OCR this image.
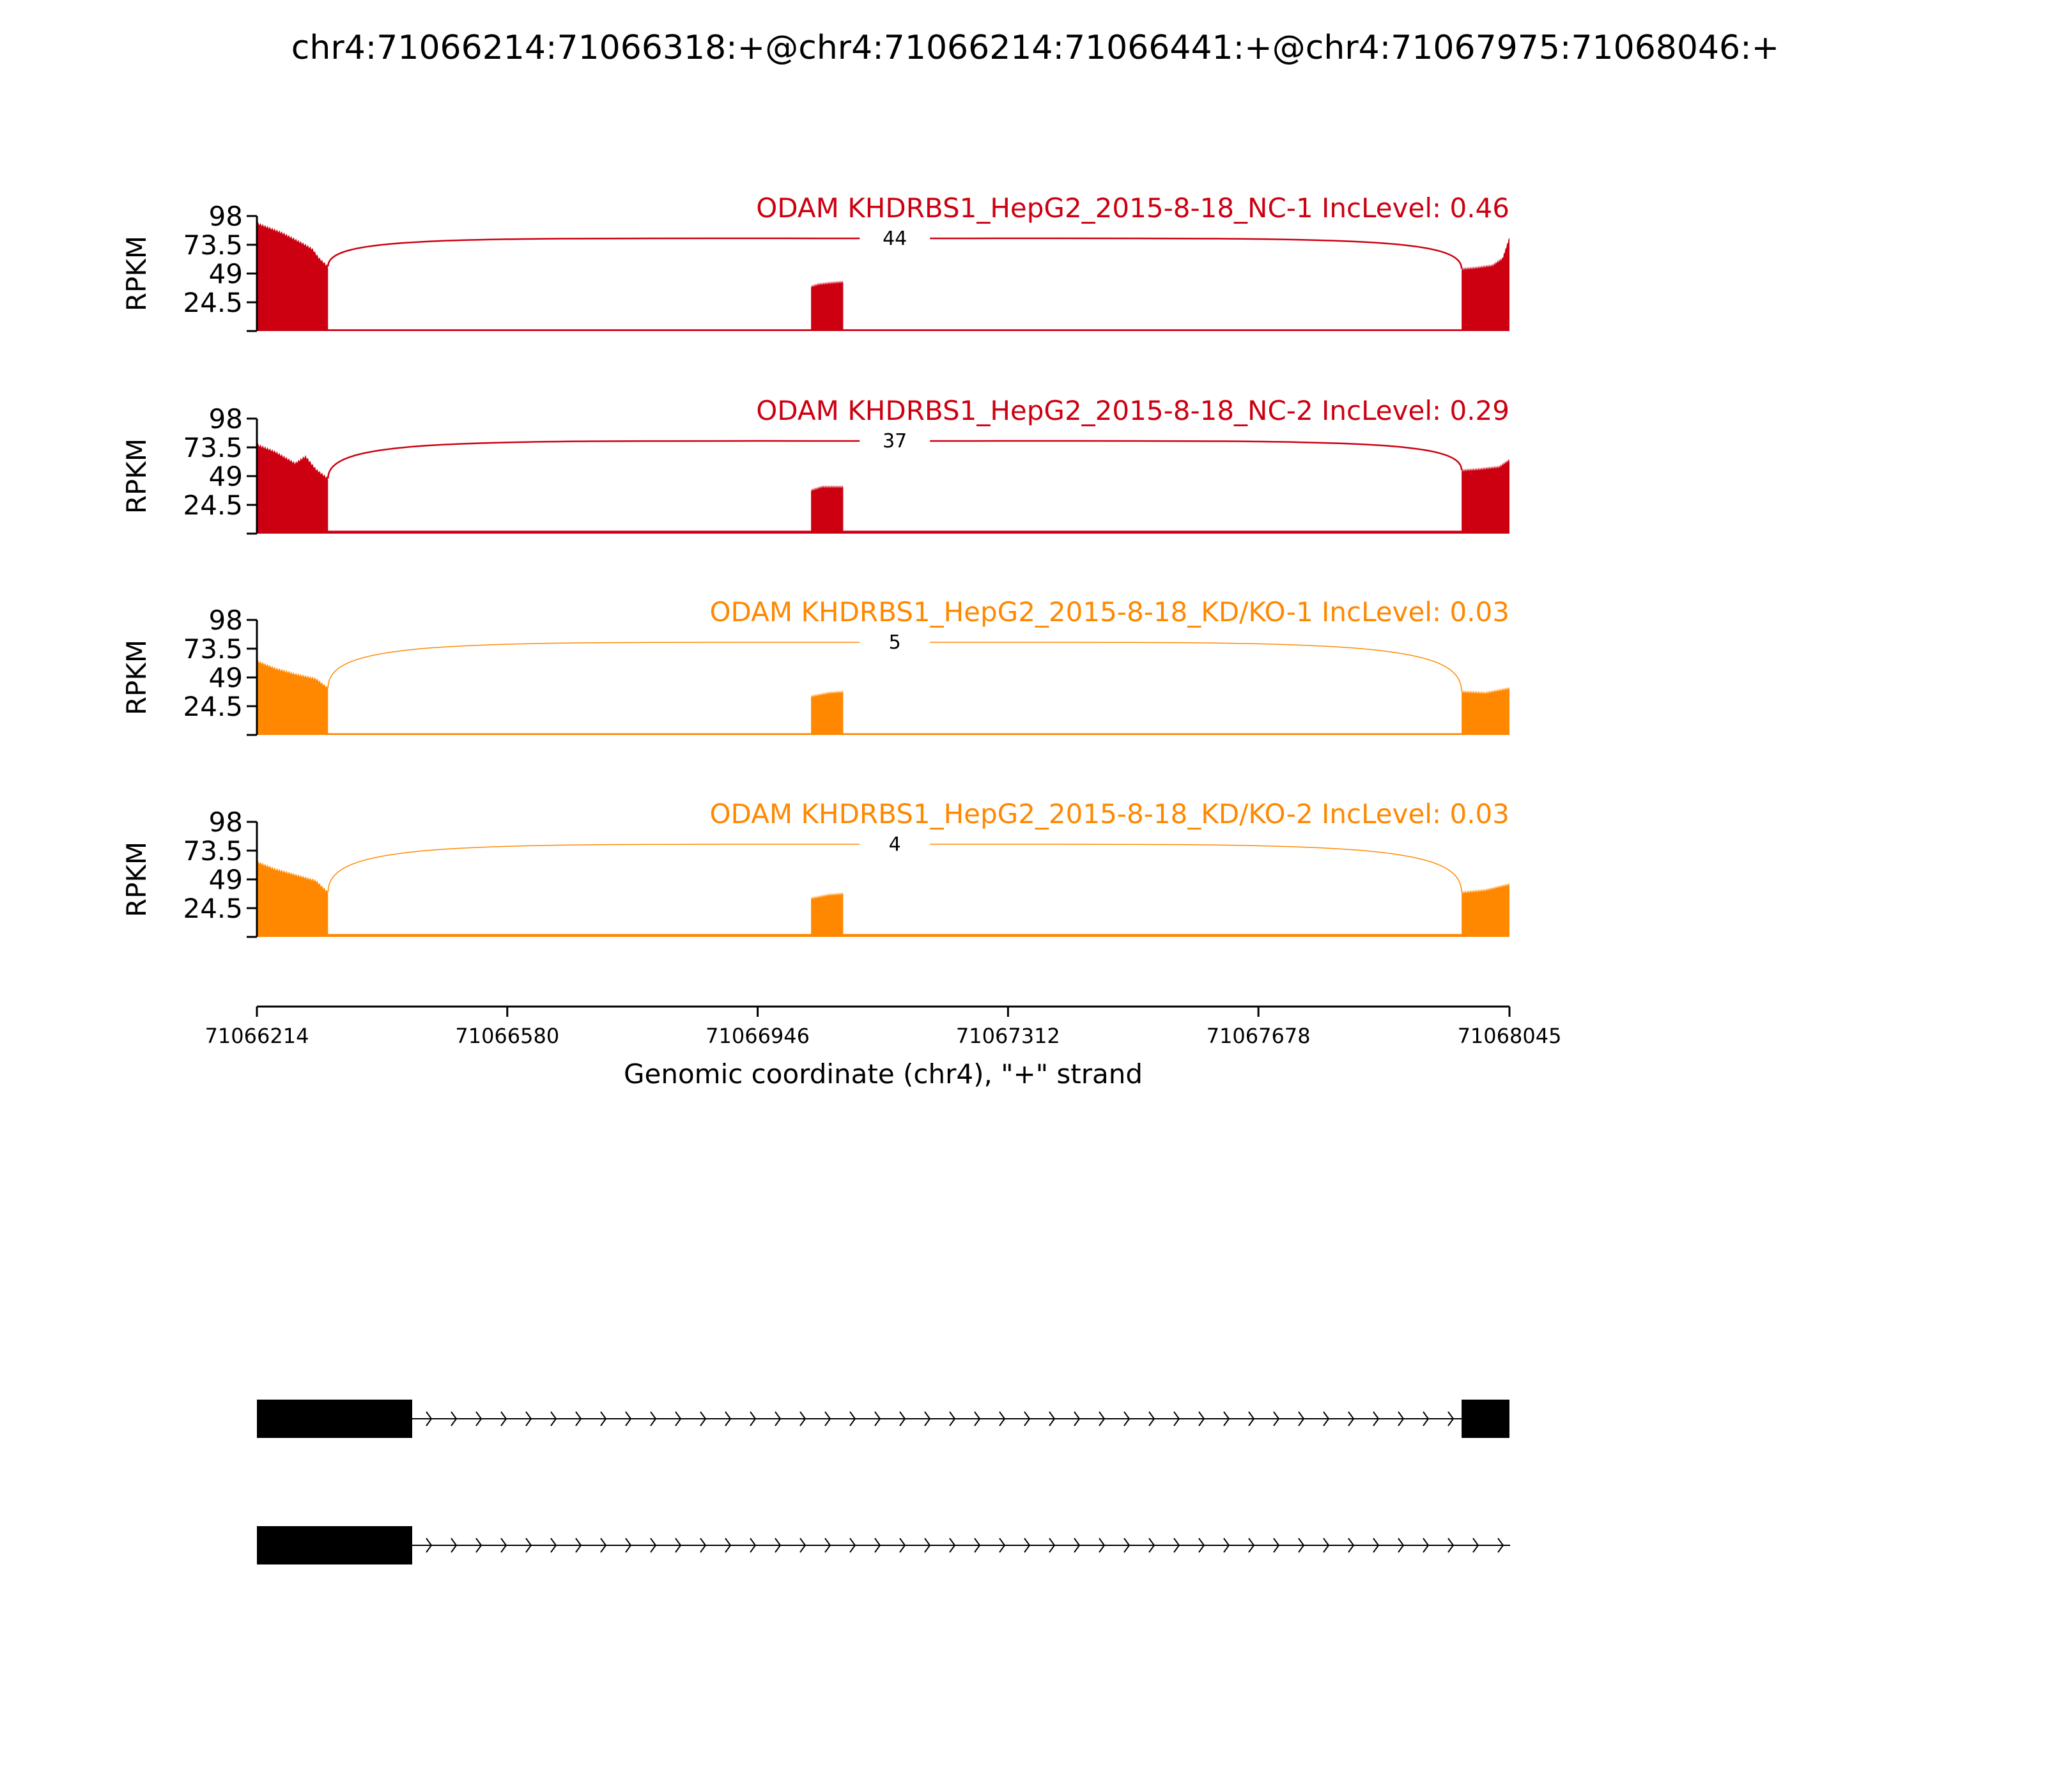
chr4:71066214:71066318:+@chr4:71066214:71066441:+@chr4:71067975:71068046:+
44
ODAM KHDRBS1_HepG2_2015-8-18_NC-1 IncLevel: 0.46
98
73.5
49
24.5
RPKM
37
ODAM KHDRBS1_HepG2_2015-8-18_NC-2 IncLevel: 0.29
98
73.5
49
24.5
RPKM
5
ODAM KHDRBS1_HepG2_2015-8-18_KD/KO-1 IncLevel: 0.03
98
73.5
49
24.5
RPKM
4
ODAM KHDRBS1_HepG2_2015-8-18_KD/KO-2 IncLevel: 0.03
98
73.5
49
24.5
RPKM
71066214	71066580	71066946	71067312	71067678	71068045
Genomic coordinate (chr4), "+" strand
